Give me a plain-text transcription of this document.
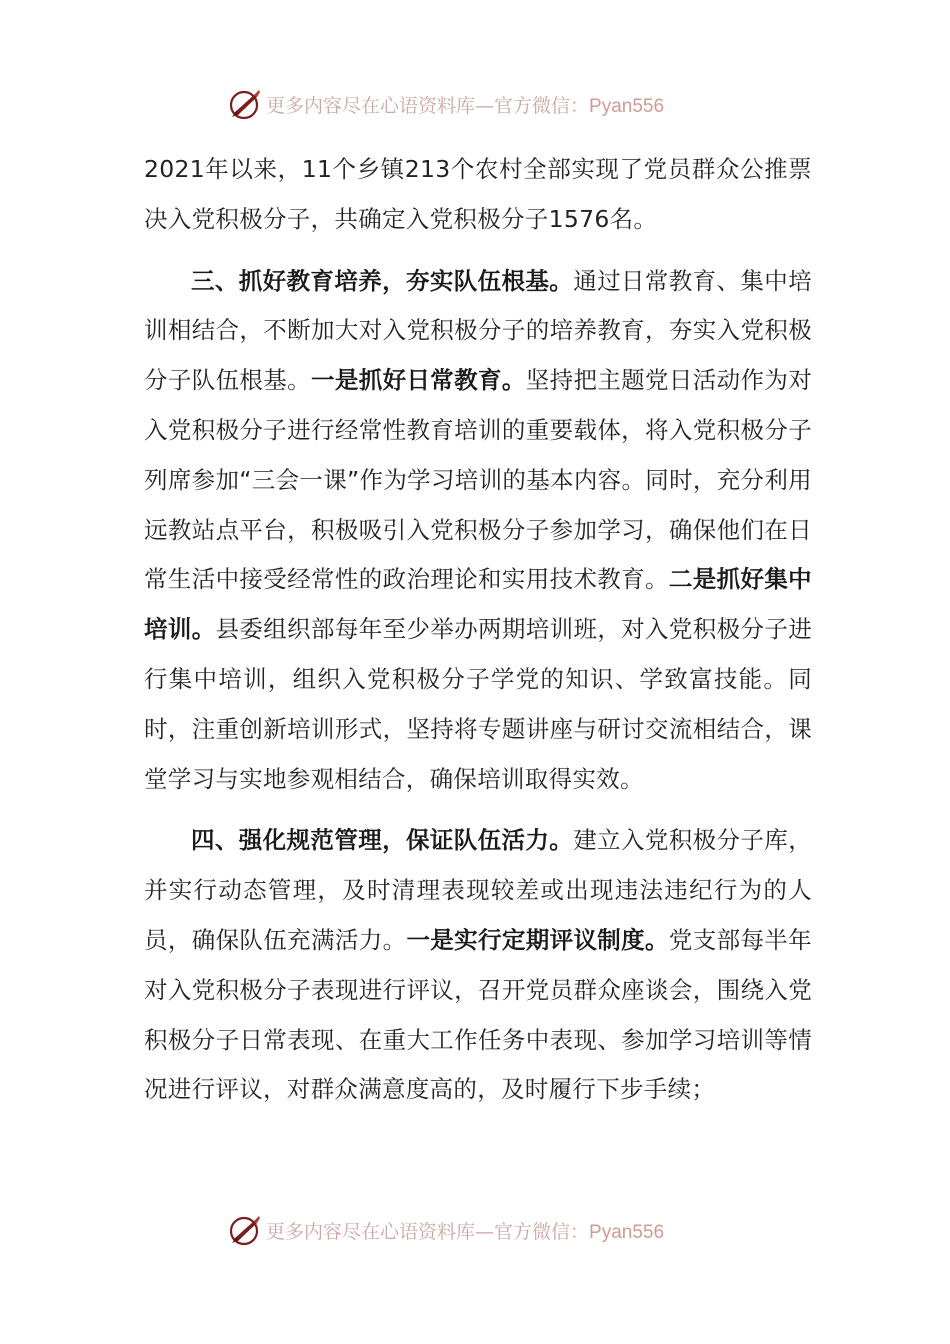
更多内容尽在心语资料库—官方微信：Pyan556

2021年以来，11个乡镇213个农村全部实现了党员群众公推票决入党积极分子，共确定入党积极分子1576名。

三、抓好教育培养，夯实队伍根基。通过日常教育、集中培训相结合，不断加大对入党积极分子的培养教育，夯实入党积极分子队伍根基。一是抓好日常教育。坚持把主题党日活动作为对入党积极分子进行经常性教育培训的重要载体，将入党积极分子列席参加“三会一课”作为学习培训的基本内容。同时，充分利用远教站点平台，积极吸引入党积极分子参加学习，确保他们在日常生活中接受经常性的政治理论和实用技术教育。二是抓好集中培训。县委组织部每年至少举办两期培训班，对入党积极分子进行集中培训，组织入党积极分子学党的知识、学致富技能。同时，注重创新培训形式，坚持将专题讲座与研讨交流相结合，课堂学习与实地参观相结合，确保培训取得实效。

四、强化规范管理，保证队伍活力。建立入党积极分子库，并实行动态管理，及时清理表现较差或出现违法违纪行为的人员，确保队伍充满活力。一是实行定期评议制度。党支部每半年对入党积极分子表现进行评议，召开党员群众座谈会，围绕入党积极分子日常表现、在重大工作任务中表现、参加学习培训等情况进行评议，对群众满意度高的，及时履行下步手续；

更多内容尽在心语资料库—官方微信：Pyan556
